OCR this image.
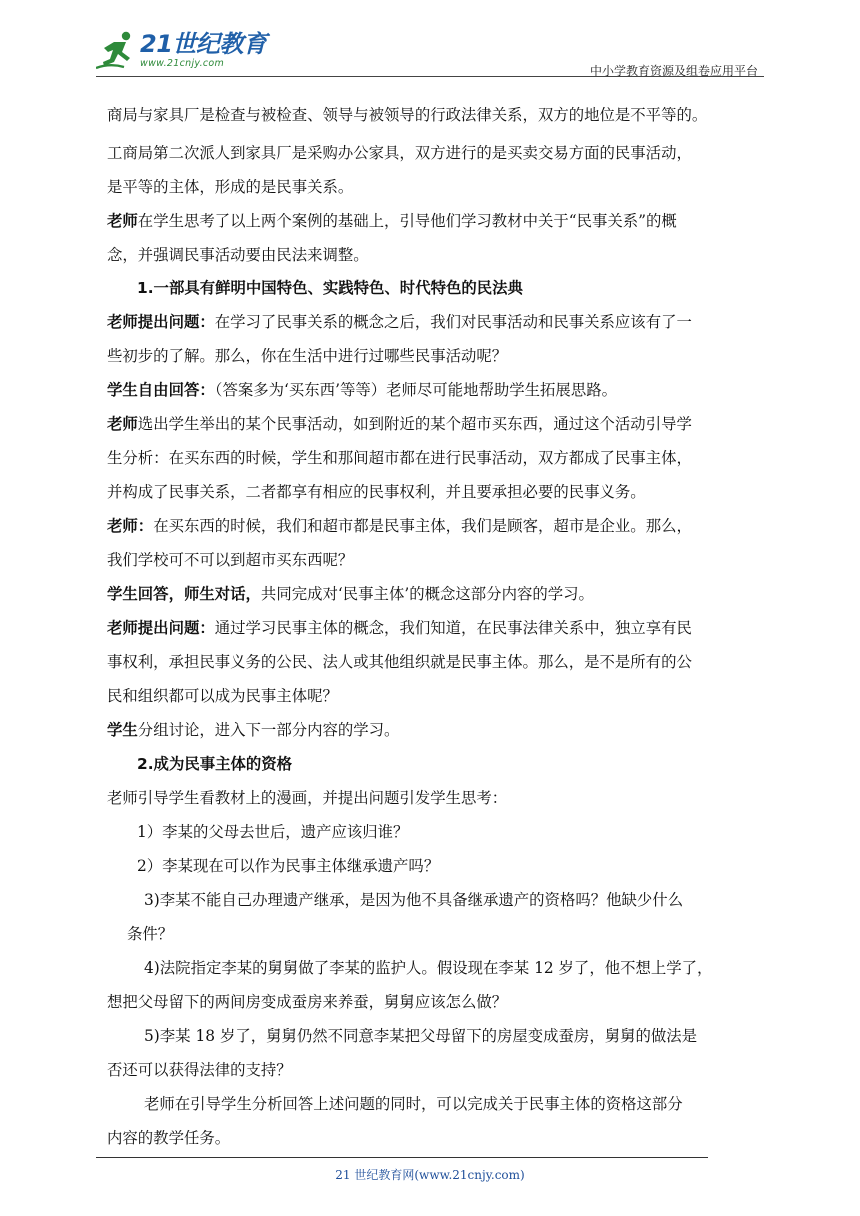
21世纪教育
www.21cnjy.com
中小学教育资源及组卷应用平台
商局与家具厂是检查与被检查、领导与被领导的行政法律关系，双方的地位是不平等的。
工商局第二次派人到家具厂是采购办公家具，双方进行的是买卖交易方面的民事活动，
是平等的主体，形成的是民事关系。
老师在学生思考了以上两个案例的基础上，引导他们学习教材中关于“民事关系”的概
念，并强调民事活动要由民法来调整。
1.一部具有鲜明中国特色、实践特色、时代特色的民法典
老师提出问题：在学习了民事关系的概念之后，我们对民事活动和民事关系应该有了一
些初步的了解。那么，你在生活中进行过哪些民事活动呢？
学生自由回答：（答案多为‘买东西’等等）老师尽可能地帮助学生拓展思路。
老师选出学生举出的某个民事活动，如到附近的某个超市买东西，通过这个活动引导学
生分析：在买东西的时候，学生和那间超市都在进行民事活动，双方都成了民事主体，
并构成了民事关系，二者都享有相应的民事权利，并且要承担必要的民事义务。
老师：在买东西的时候，我们和超市都是民事主体，我们是顾客，超市是企业。那么，
我们学校可不可以到超市买东西呢？
学生回答，师生对话，共同完成对‘民事主体’的概念这部分内容的学习。
老师提出问题：通过学习民事主体的概念，我们知道，在民事法律关系中，独立享有民
事权利，承担民事义务的公民、法人或其他组织就是民事主体。那么，是不是所有的公
民和组织都可以成为民事主体呢？
学生分组讨论，进入下一部分内容的学习。
2.成为民事主体的资格
老师引导学生看教材上的漫画，并提出问题引发学生思考：
1）李某的父母去世后，遗产应该归谁？
2）李某现在可以作为民事主体继承遗产吗？
3)李某不能自己办理遗产继承，是因为他不具备继承遗产的资格吗？他缺少什么
条件？
4)法院指定李某的舅舅做了李某的监护人。假设现在李某 12 岁了，他不想上学了，
想把父母留下的两间房变成蚕房来养蚕，舅舅应该怎么做？
5)李某 18 岁了，舅舅仍然不同意李某把父母留下的房屋变成蚕房，舅舅的做法是
否还可以获得法律的支持？
老师在引导学生分析回答上述问题的同时，可以完成关于民事主体的资格这部分
内容的教学任务。
21 世纪教育网(www.21cnjy.com)
